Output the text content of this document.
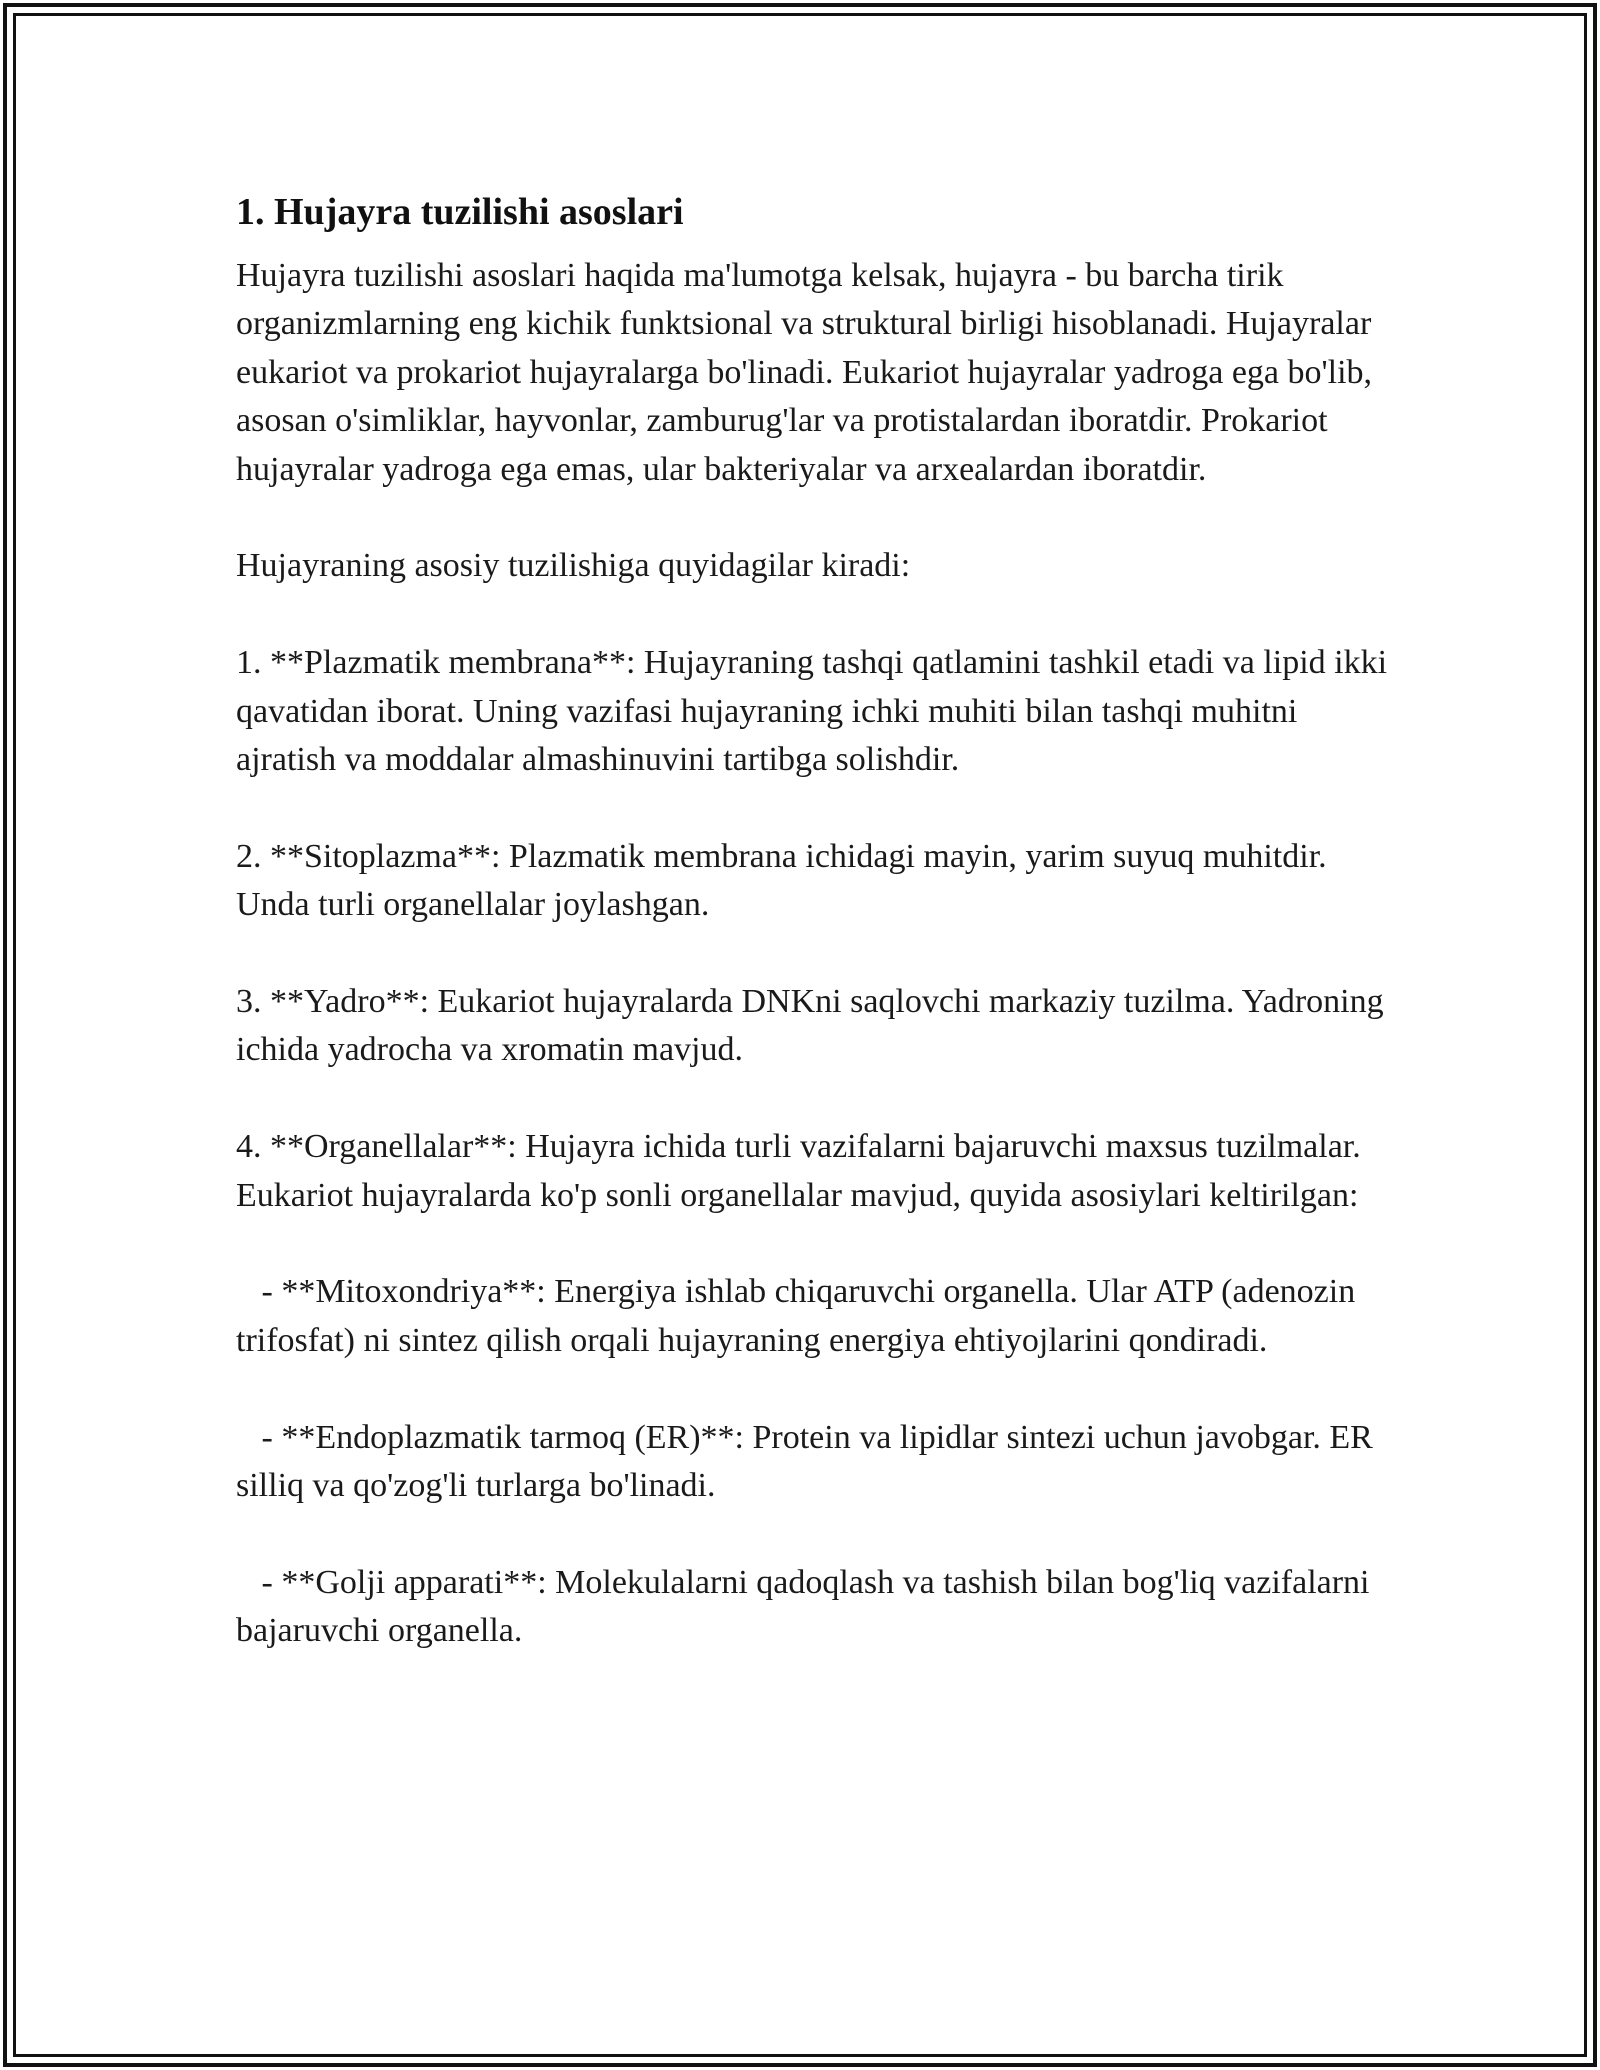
1. Hujayra tuzilishi asoslari

Hujayra tuzilishi asoslari haqida ma'lumotga kelsak, hujayra - bu barcha tirik organizmlarning eng kichik funktsional va struktural birligi hisoblanadi. Hujayralar eukariot va prokariot hujayralarga bo'linadi. Eukariot hujayralar yadroga ega bo'lib, asosan o'simliklar, hayvonlar, zamburug'lar va protistalardan iboratdir. Prokariot hujayralar yadroga ega emas, ular bakteriyalar va arxealardan iboratdir.

Hujayraning asosiy tuzilishiga quyidagilar kiradi:

1. **Plazmatik membrana**: Hujayraning tashqi qatlamini tashkil etadi va lipid ikki qavatidan iborat. Uning vazifasi hujayraning ichki muhiti bilan tashqi muhitni ajratish va moddalar almashinuvini tartibga solishdir.

2. **Sitoplazma**: Plazmatik membrana ichidagi mayin, yarim suyuq muhitdir. Unda turli organellalar joylashgan.

3. **Yadro**: Eukariot hujayralarda DNKni saqlovchi markaziy tuzilma. Yadroning ichida yadrocha va xromatin mavjud.

4. **Organellalar**: Hujayra ichida turli vazifalarni bajaruvchi maxsus tuzilmalar. Eukariot hujayralarda ko'p sonli organellalar mavjud, quyida asosiylari keltirilgan:

- **Mitoxondriya**: Energiya ishlab chiqaruvchi organella. Ular ATP (adenozin trifosfat) ni sintez qilish orqali hujayraning energiya ehtiyojlarini qondiradi.

- **Endoplazmatik tarmoq (ER)**: Protein va lipidlar sintezi uchun javobgar. ER silliq va qo'zog'li turlarga bo'linadi.

- **Golji apparati**: Molekulalarni qadoqlash va tashish bilan bog'liq vazifalarni bajaruvchi organella.
